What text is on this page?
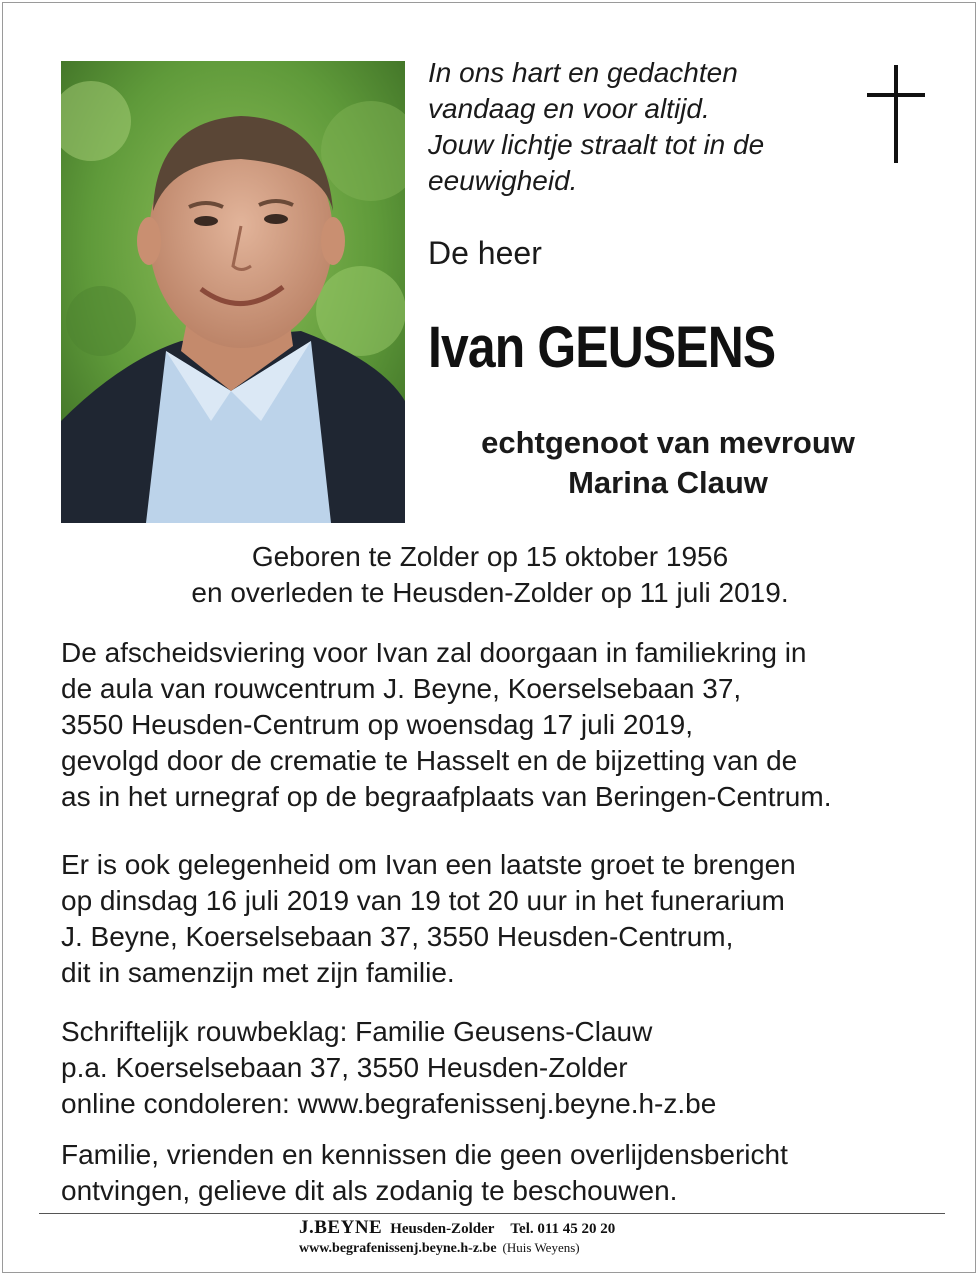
In ons hart en gedachten
vandaag en voor altijd.
Jouw lichtje straalt tot in de
eeuwigheid.
De heer
Ivan GEUSENS
echtgenoot van mevrouw
Marina Clauw
Geboren te Zolder op 15 oktober 1956
en overleden te Heusden-Zolder op 11 juli 2019.
De afscheidsviering voor Ivan zal doorgaan in familiekring in
de aula van rouwcentrum J. Beyne, Koerselsebaan 37,
3550 Heusden-Centrum op woensdag 17 juli 2019,
gevolgd door de crematie te Hasselt en de bijzetting van de
as in het urnegraf op de begraafplaats van Beringen-Centrum.
Er is ook gelegenheid om Ivan een laatste groet te brengen
op dinsdag 16 juli 2019 van 19 tot 20 uur in het funerarium
J. Beyne, Koerselsebaan 37, 3550 Heusden-Centrum,
dit in samenzijn met zijn familie.
Schriftelijk rouwbeklag: Familie Geusens-Clauw
p.a. Koerselsebaan 37, 3550 Heusden-Zolder
online condoleren: www.begrafenissenj.beyne.h-z.be
Familie, vrienden en kennissen die geen overlijdensbericht
ontvingen, gelieve dit als zodanig te beschouwen.
J.BEYNE Heusden-Zolder Tel. 011 45 20 20
www.begrafenissenj.beyne.h-z.be (Huis Weyens)
